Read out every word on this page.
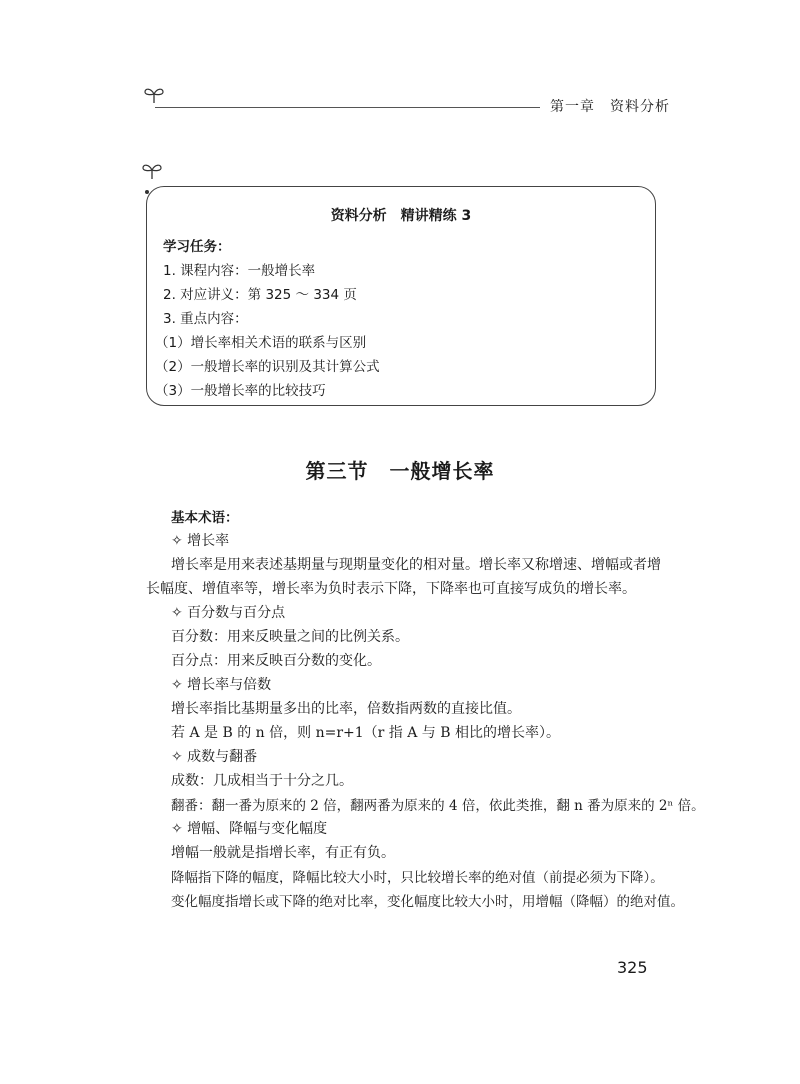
第一章　资料分析
资料分析　精讲精练 3
学习任务：
1. 课程内容：一般增长率
2. 对应讲义：第 325 ～ 334 页
3. 重点内容：
（1）增长率相关术语的联系与区别
（2）一般增长率的识别及其计算公式
（3）一般增长率的比较技巧
第三节　一般增长率
基本术语：
✧ 增长率
增长率是用来表述基期量与现期量变化的相对量。增长率又称增速、增幅或者增
长幅度、增值率等，增长率为负时表示下降，下降率也可直接写成负的增长率。
✧ 百分数与百分点
百分数：用来反映量之间的比例关系。
百分点：用来反映百分数的变化。
✧ 增长率与倍数
增长率指比基期量多出的比率，倍数指两数的直接比值。
若 A 是 B 的 n 倍，则 n=r+1（r 指 A 与 B 相比的增长率）。
✧ 成数与翻番
成数：几成相当于十分之几。
翻番：翻一番为原来的 2 倍，翻两番为原来的 4 倍，依此类推，翻 n 番为原来的 2ⁿ 倍。
✧ 增幅、降幅与变化幅度
增幅一般就是指增长率，有正有负。
降幅指下降的幅度，降幅比较大小时，只比较增长率的绝对值（前提必须为下降）。
变化幅度指增长或下降的绝对比率，变化幅度比较大小时，用增幅（降幅）的绝对值。
325
